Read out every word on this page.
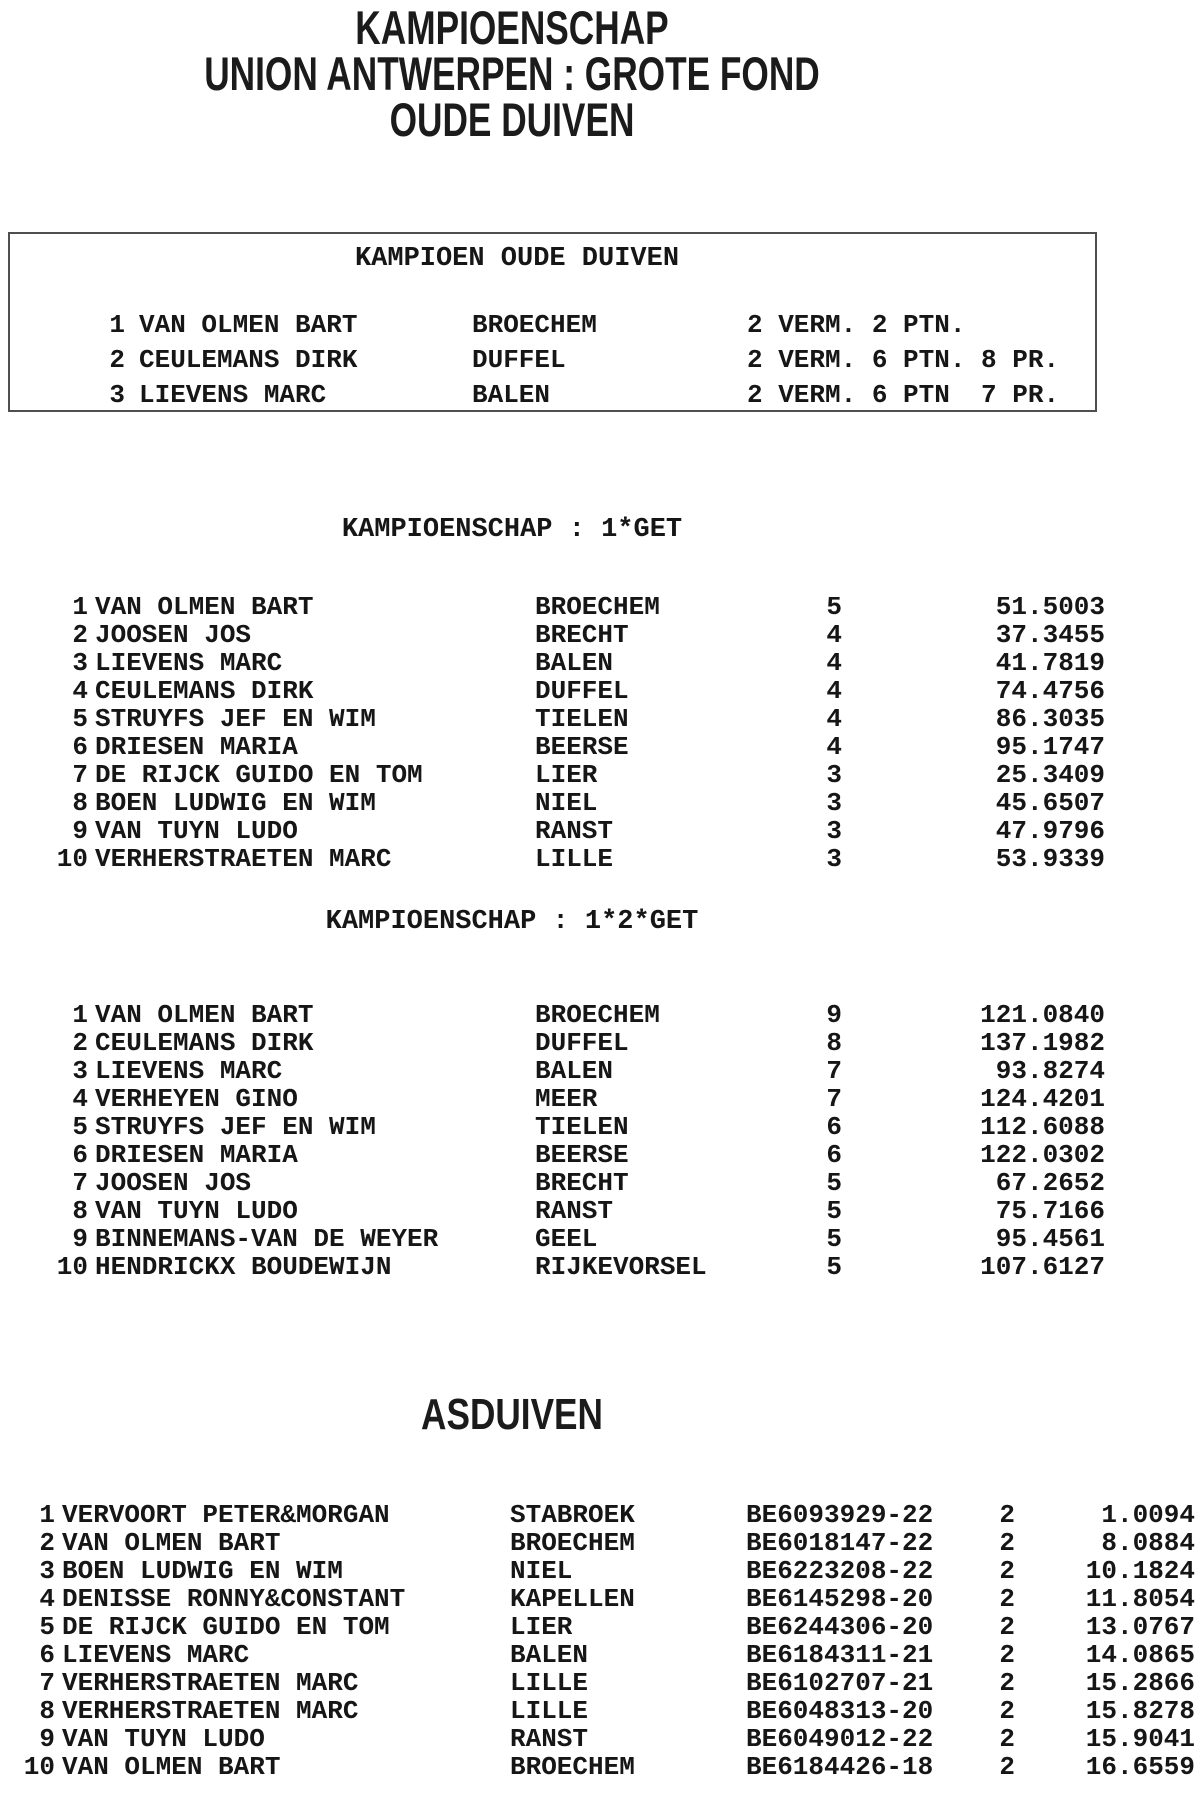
KAMPIOENSCHAP
UNION ANTWERPEN : GROTE FOND
OUDE DUIVEN
KAMPIOEN OUDE DUIVEN
1 VAN OLMEN BART	BROECHEM	2 VERM. 2 PTN.
2 CEULEMANS DIRK	DUFFEL	2 VERM. 6 PTN. 8 PR.
3 LIEVENS MARC	BALEN	2 VERM. 6 PTN  7 PR.
KAMPIOENSCHAP : 1*GET
1 VAN OLMEN BART	BROECHEM	5	51.5003
2 JOOSEN JOS	BRECHT	4	37.3455
3 LIEVENS MARC	BALEN	4	41.7819
4 CEULEMANS DIRK	DUFFEL	4	74.4756
5 STRUYFS JEF EN WIM	TIELEN	4	86.3035
6 DRIESEN MARIA	BEERSE	4	95.1747
7 DE RIJCK GUIDO EN TOM	LIER	3	25.3409
8 BOEN LUDWIG EN WIM	NIEL	3	45.6507
9 VAN TUYN LUDO	RANST	3	47.9796
10 VERHERSTRAETEN MARC	LILLE	3	53.9339
KAMPIOENSCHAP : 1*2*GET
1 VAN OLMEN BART	BROECHEM	9	121.0840
2 CEULEMANS DIRK	DUFFEL	8	137.1982
3 LIEVENS MARC	BALEN	7	93.8274
4 VERHEYEN GINO	MEER	7	124.4201
5 STRUYFS JEF EN WIM	TIELEN	6	112.6088
6 DRIESEN MARIA	BEERSE	6	122.0302
7 JOOSEN JOS	BRECHT	5	67.2652
8 VAN TUYN LUDO	RANST	5	75.7166
9 BINNEMANS-VAN DE WEYER	GEEL	5	95.4561
10 HENDRICKX BOUDEWIJN	RIJKEVORSEL	5	107.6127
ASDUIVEN
1 VERVOORT PETER&MORGAN	STABROEK	BE6093929-22	2	1.0094
2 VAN OLMEN BART	BROECHEM	BE6018147-22	2	8.0884
3 BOEN LUDWIG EN WIM	NIEL	BE6223208-22	2	10.1824
4 DENISSE RONNY&CONSTANT	KAPELLEN	BE6145298-20	2	11.8054
5 DE RIJCK GUIDO EN TOM	LIER	BE6244306-20	2	13.0767
6 LIEVENS MARC	BALEN	BE6184311-21	2	14.0865
7 VERHERSTRAETEN MARC	LILLE	BE6102707-21	2	15.2866
8 VERHERSTRAETEN MARC	LILLE	BE6048313-20	2	15.8278
9 VAN TUYN LUDO	RANST	BE6049012-22	2	15.9041
10 VAN OLMEN BART	BROECHEM	BE6184426-18	2	16.6559
